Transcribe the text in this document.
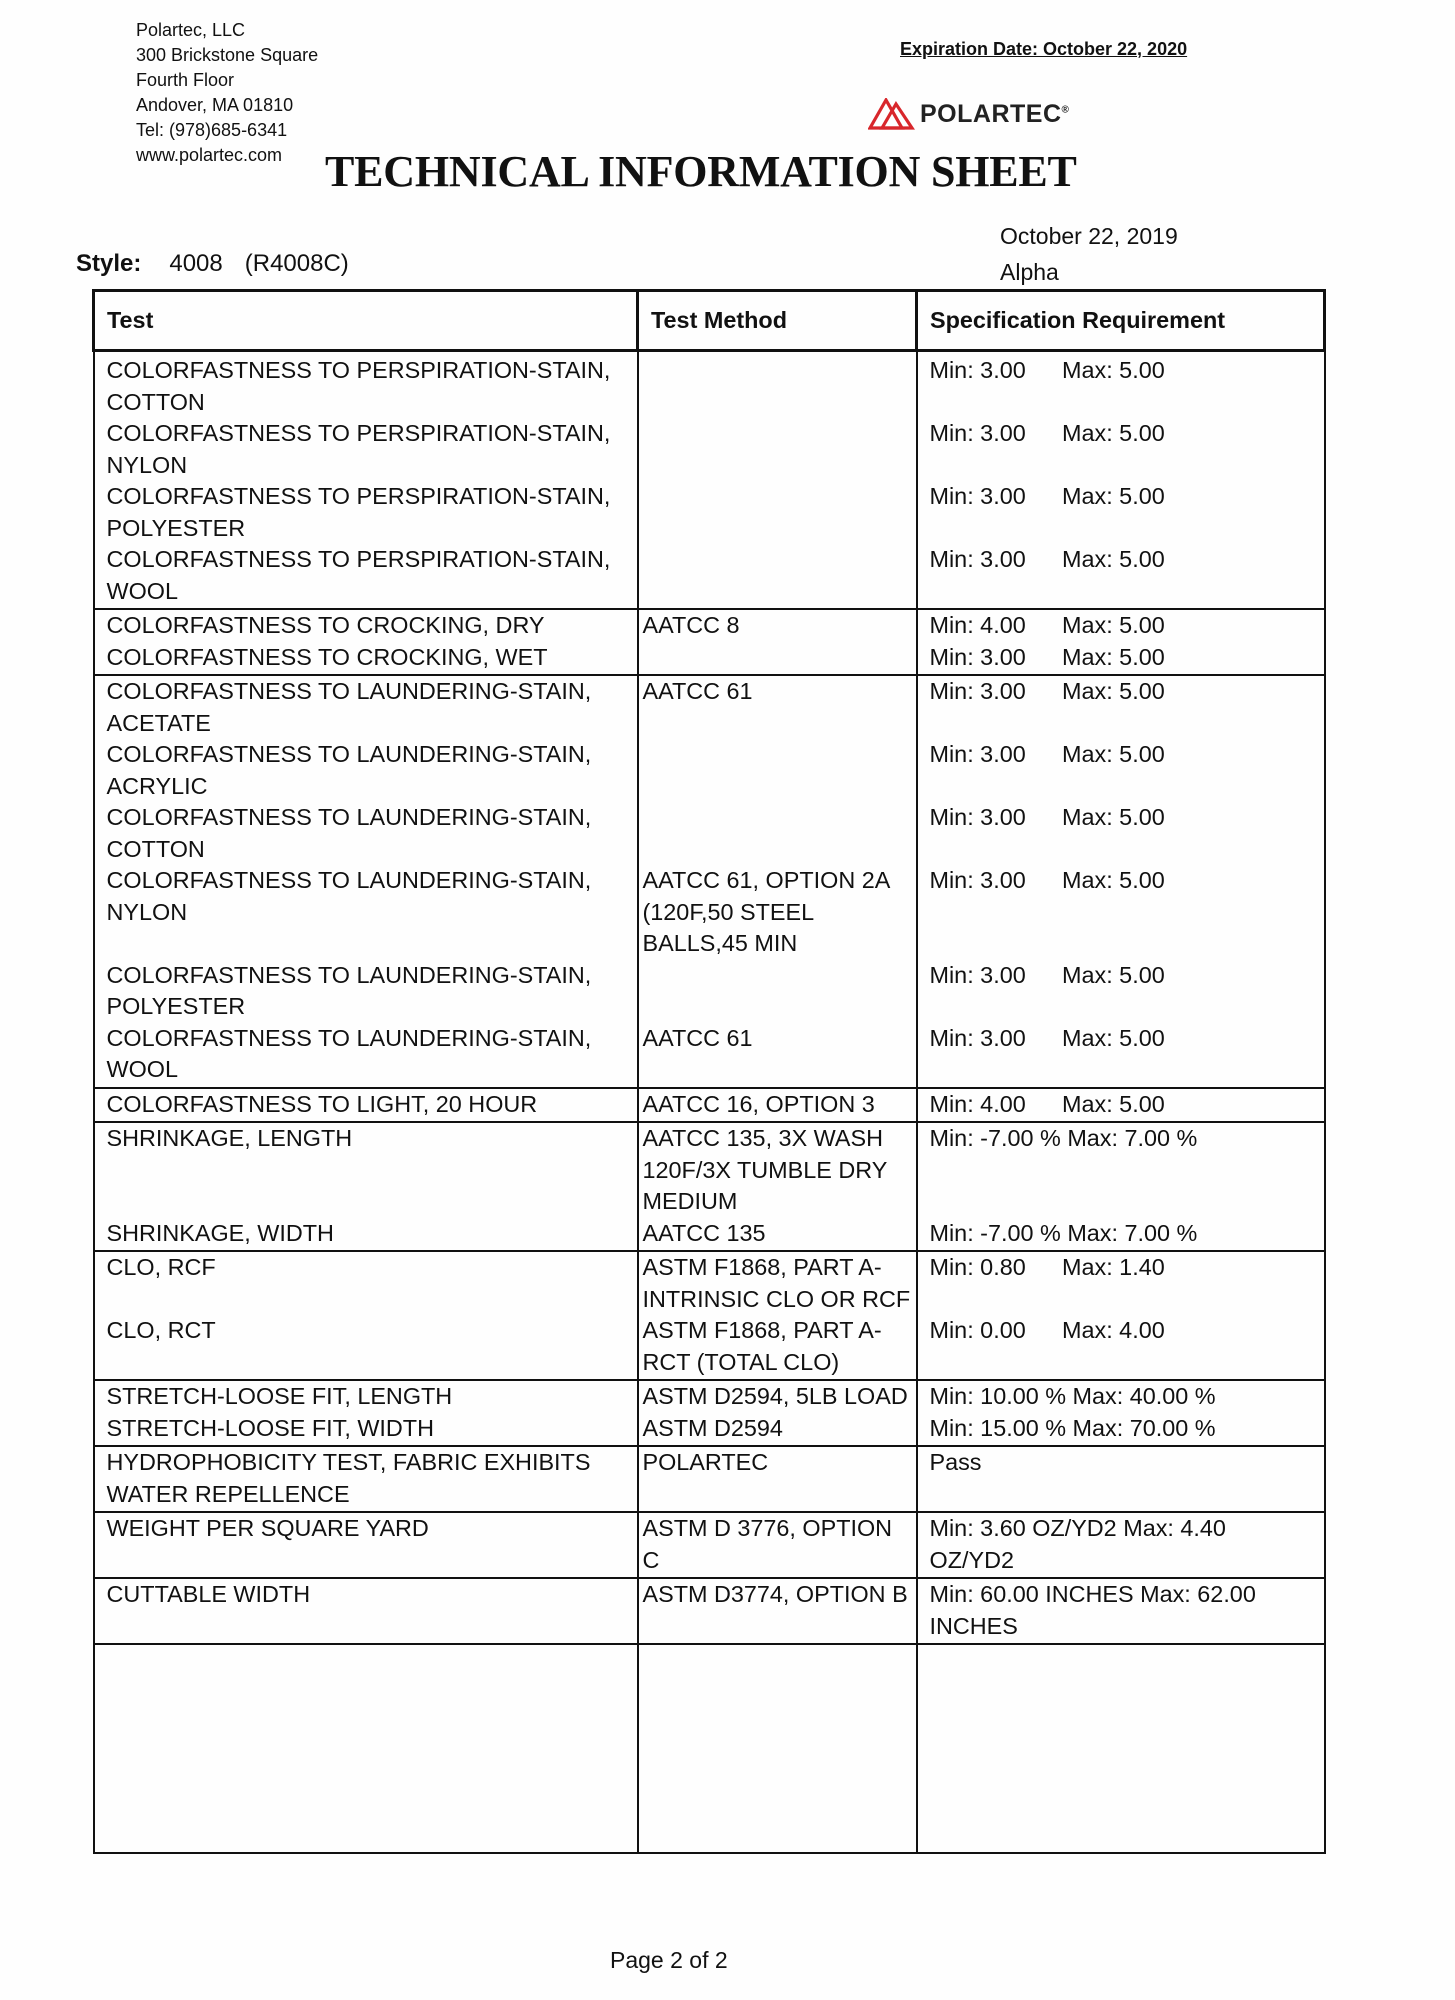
Polartec, LLC
300 Brickstone Square
Fourth Floor
Andover, MA 01810
Tel: (978)685-6341
www.polartec.com
Expiration Date: October 22, 2020
POLARTEC®
TECHNICAL INFORMATION SHEET
October 22, 2019
Alpha
Style: 4008 (R4008C)
Test	Test Method	Specification Requirement
COLORFASTNESS TO PERSPIRATION-STAIN, COTTON		Min: 3.00 Max: 5.00
COLORFASTNESS TO PERSPIRATION-STAIN, NYLON		Min: 3.00 Max: 5.00
COLORFASTNESS TO PERSPIRATION-STAIN, POLYESTER		Min: 3.00 Max: 5.00
COLORFASTNESS TO PERSPIRATION-STAIN, WOOL		Min: 3.00 Max: 5.00
COLORFASTNESS TO CROCKING, DRY	AATCC 8	Min: 4.00 Max: 5.00
COLORFASTNESS TO CROCKING, WET		Min: 3.00 Max: 5.00
COLORFASTNESS TO LAUNDERING-STAIN, ACETATE	AATCC 61	Min: 3.00 Max: 5.00
COLORFASTNESS TO LAUNDERING-STAIN, ACRYLIC		Min: 3.00 Max: 5.00
COLORFASTNESS TO LAUNDERING-STAIN, COTTON		Min: 3.00 Max: 5.00
COLORFASTNESS TO LAUNDERING-STAIN, NYLON	AATCC 61, OPTION 2A (120F,50 STEEL BALLS,45 MIN	Min: 3.00 Max: 5.00
COLORFASTNESS TO LAUNDERING-STAIN, POLYESTER		Min: 3.00 Max: 5.00
COLORFASTNESS TO LAUNDERING-STAIN, WOOL	AATCC 61	Min: 3.00 Max: 5.00
COLORFASTNESS TO LIGHT, 20 HOUR	AATCC 16, OPTION 3	Min: 4.00 Max: 5.00
SHRINKAGE, LENGTH	AATCC 135, 3X WASH 120F/3X TUMBLE DRY MEDIUM	Min: -7.00 % Max: 7.00 %
SHRINKAGE, WIDTH	AATCC 135	Min: -7.00 % Max: 7.00 %
CLO, RCF	ASTM F1868, PART A-INTRINSIC CLO OR RCF	Min: 0.80 Max: 1.40
CLO, RCT	ASTM F1868, PART A-RCT (TOTAL CLO)	Min: 0.00 Max: 4.00
STRETCH-LOOSE FIT, LENGTH	ASTM D2594, 5LB LOAD	Min: 10.00 % Max: 40.00 %
STRETCH-LOOSE FIT, WIDTH	ASTM D2594	Min: 15.00 % Max: 70.00 %
HYDROPHOBICITY TEST, FABRIC EXHIBITS WATER REPELLENCE	POLARTEC	Pass
WEIGHT PER SQUARE YARD	ASTM D 3776, OPTION C	Min: 3.60 OZ/YD2 Max: 4.40 OZ/YD2
CUTTABLE WIDTH	ASTM D3774, OPTION B	Min: 60.00 INCHES Max: 62.00 INCHES

Page 2 of 2
